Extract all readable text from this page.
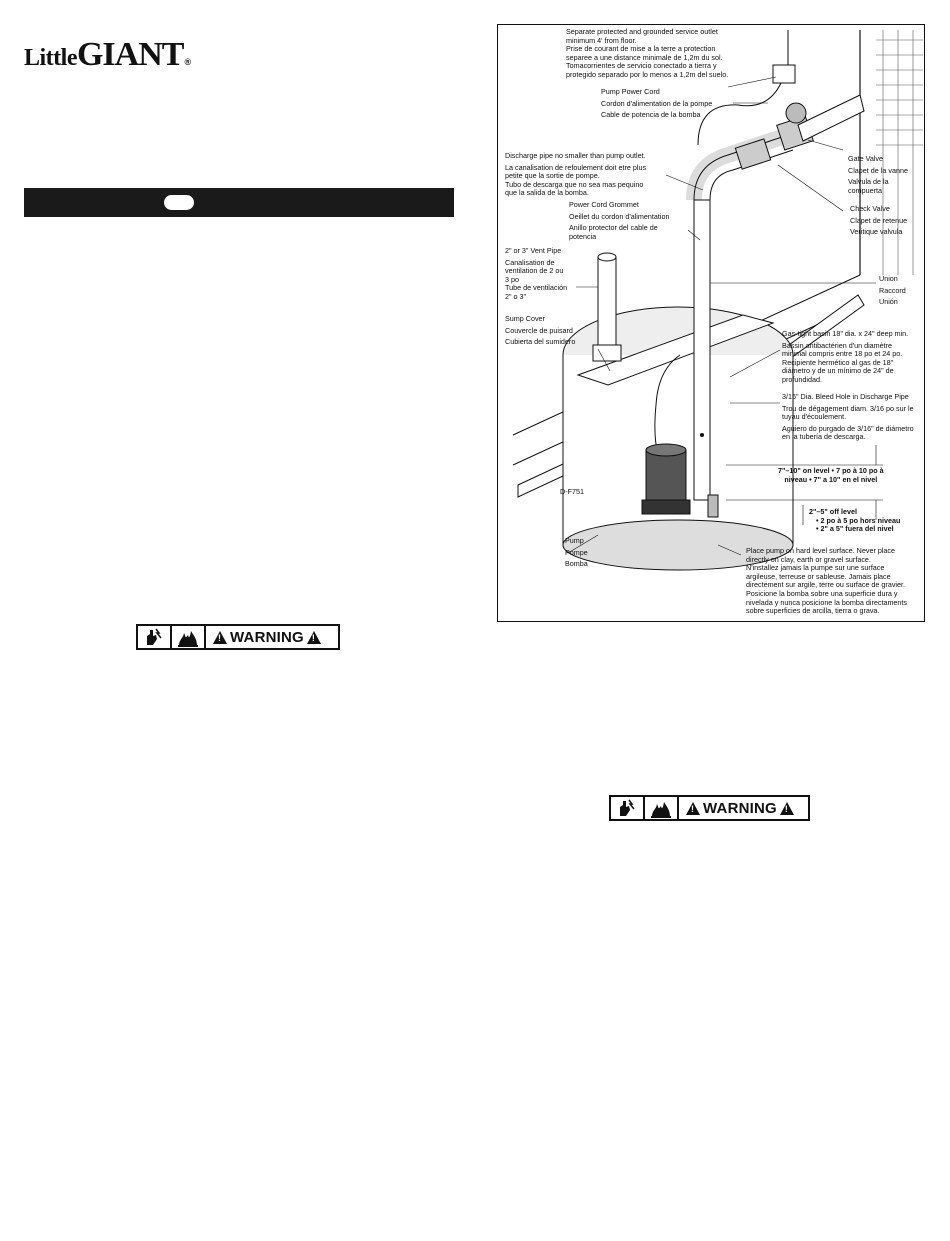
Little GIANT ®
!
WARNING
!
!
WARNING
!
Separate protected and grounded service outlet
minimum 4' from floor.
Prise de courant de mise a la terre a protection
separee a une distance minimale de 1,2m du sol.
Tomacorrientes de servicio conectado a tierra y
protegido separado por lo menos a 1,2m del suelo.
Pump Power Cord
Cordon d'alimentation de la pompe
Cable de potencia de la bomba
Discharge pipe no smaller than pump outlet.
La canalisation de refoulement doit etre plus
petite que la sortie de pompe.
Tubo de descarga que no sea mas pequino
que la salida de la bomba.
Power Cord Grommet
Oeillet du cordon d'alimentation
Anillo protector del cable de
potencia
2" or 3" Vent Pipe
Canalisation de
ventilation de 2 ou
3 po
Tube de ventilación
2" o 3"
Sump Cover
Couvercle de puisard
Cubierta del sumidero
Gate Valve
Clapet de la vanne
Valvula de la
compuerta
Check Valve
Clapet de retenue
Veritique valvula
Union
Raccord
Unión
Gas-tight basin 18" dia. x 24" deep min.
Bassin antibactérien d'un diamètre
minimal compris entre 18 po et 24 po.
Recipiente hermético al gas de 18"
diámetro y de un mínimo de 24" de
profundidad.
3/16" Dia. Bleed Hole in Discharge Pipe
Trou de dégagement diam. 3/16 po sur le
tuyau d'écoulement.
Aguiero do purgado de 3/16" de diámetro
en la tubería de descarga.
7"–10" on level • 7 po à 10 po à
niveau • 7" a 10" en el nivel
2"–5" off level
• 2 po à 5 po hors niveau
• 2" a 5" fuera del nivel
D-F751
Pump
Pompe
Bomba
Place pump on hard level surface. Never place
directly on clay, earth or gravel surface.
N'installez jamais la pumpe sur une surface
argileuse, terreuse or sableuse. Jamais place
directement sur argile, terre ou surface de gravier.
Posicione la bomba sobre una superficie dura y
nivelada y nunca posicione la bomba directaments
sobre superficies de arcilla, tierra o grava.
